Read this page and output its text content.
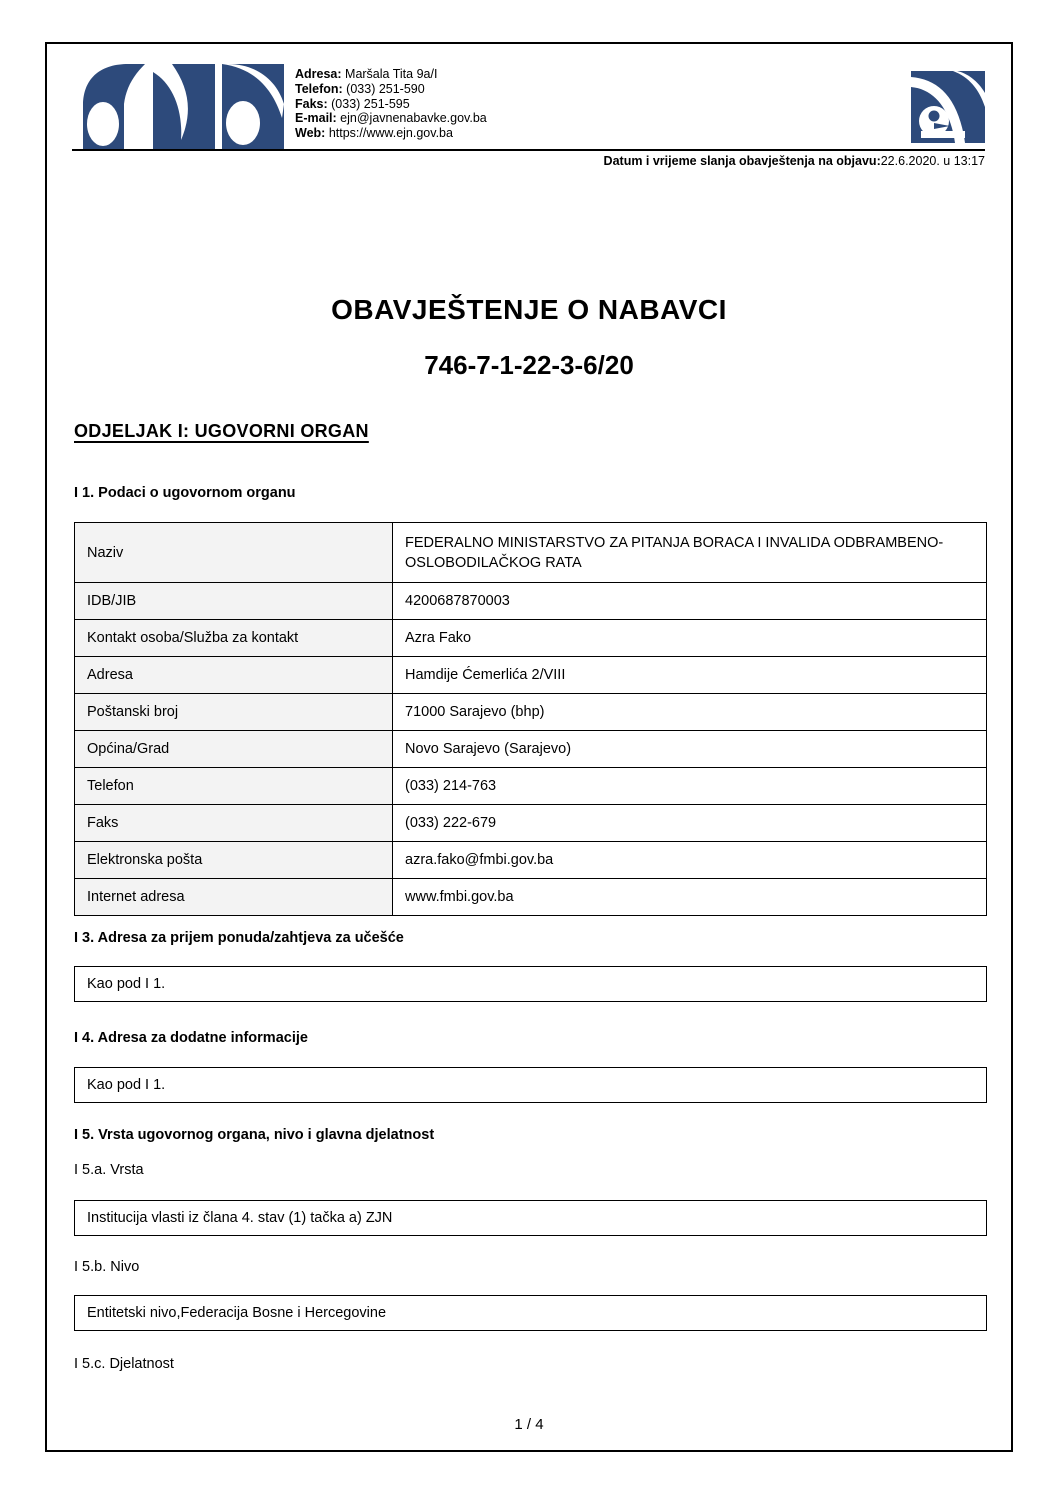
Adresa: Maršala Tita 9a/I
Telefon: (033) 251-590
Faks: (033) 251-595
E-mail: ejn@javnenabavke.gov.ba
Web: https://www.ejn.gov.ba
Datum i vrijeme slanja obavještenja na objavu:22.6.2020. u 13:17
OBAVJEŠTENJE O NABAVCI
746-7-1-22-3-6/20
ODJELJAK I: UGOVORNI ORGAN
I 1. Podaci o ugovornom organu
Naziv	FEDERALNO MINISTARSTVO ZA PITANJA BORACA I INVALIDA ODBRAMBENO-OSLOBODILAČKOG RATA
IDB/JIB	4200687870003
Kontakt osoba/Služba za kontakt	Azra Fako
Adresa	Hamdije Ćemerlića 2/VIII
Poštanski broj	71000 Sarajevo (bhp)
Općina/Grad	Novo Sarajevo (Sarajevo)
Telefon	(033) 214-763
Faks	(033) 222-679
Elektronska pošta	azra.fako@fmbi.gov.ba
Internet adresa	www.fmbi.gov.ba
I 3. Adresa za prijem ponuda/zahtjeva za učešće
Kao pod I 1.
I 4. Adresa za dodatne informacije
Kao pod I 1.
I 5. Vrsta ugovornog organa, nivo i glavna djelatnost
I 5.a. Vrsta
Institucija vlasti iz člana 4. stav (1) tačka a) ZJN
I 5.b. Nivo
Entitetski nivo,Federacija Bosne i Hercegovine
I 5.c. Djelatnost
1 / 4
